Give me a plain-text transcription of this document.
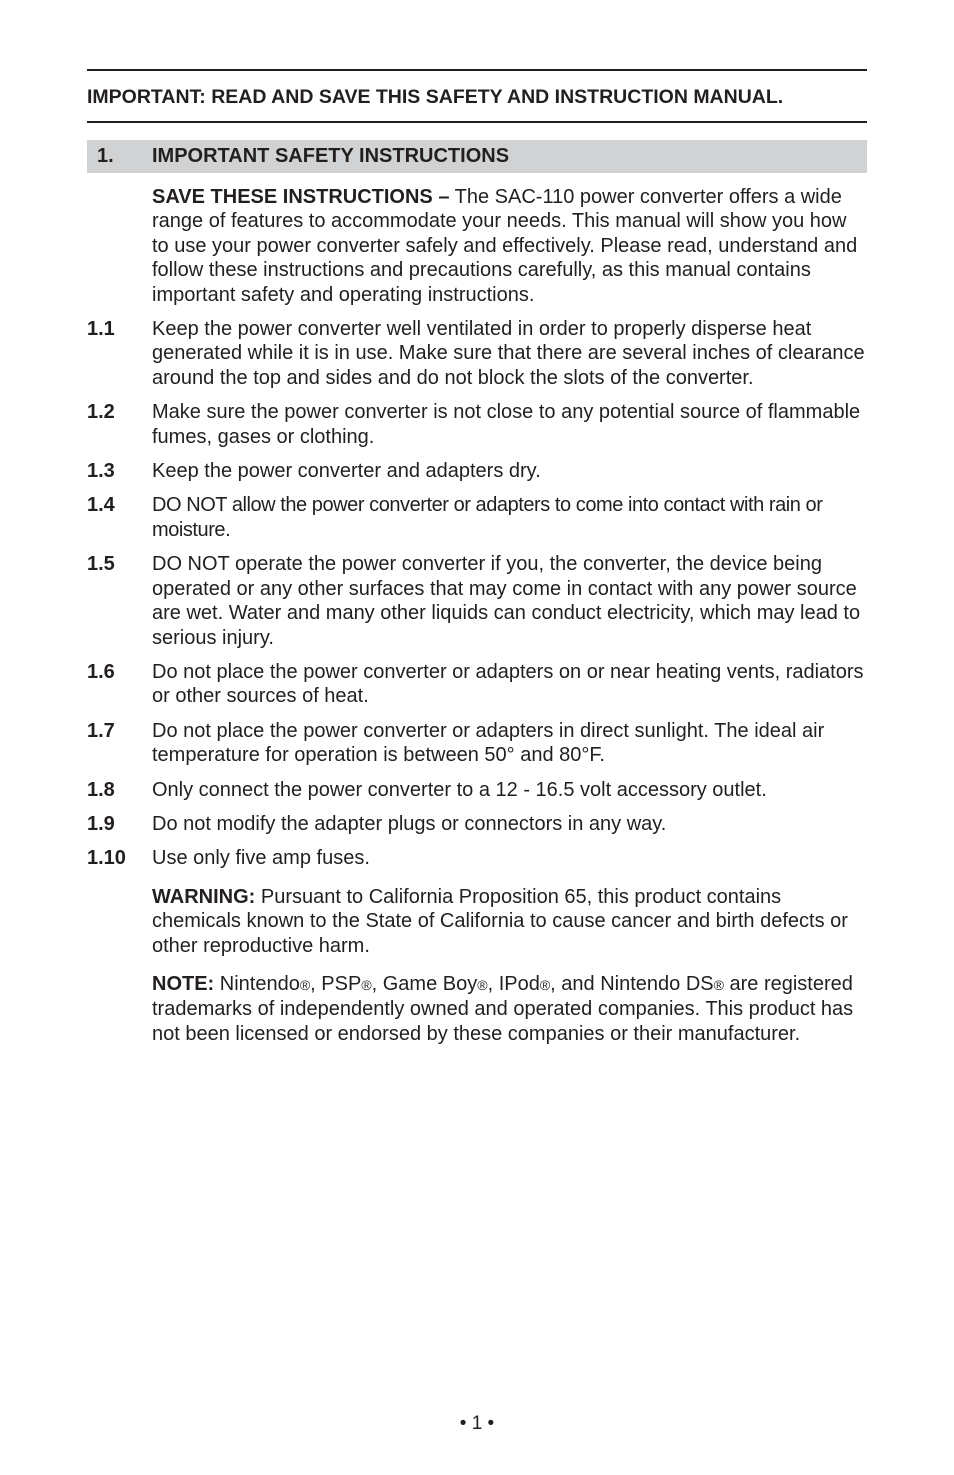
IMPORTANT: READ AND SAVE THIS SAFETY AND INSTRUCTION MANUAL.
1.	IMPORTANT SAFETY INSTRUCTIONS
SAVE THESE INSTRUCTIONS – The SAC-110 power converter offers a wide range of features to accommodate your needs. This manual will show you how to use your power converter safely and effectively. Please read, understand and follow these instructions and precautions carefully, as this manual contains important safety and operating instructions.
1.1	Keep the power converter well ventilated in order to properly disperse heat generated while it is in use. Make sure that there are several inches of clearance around the top and sides and do not block the slots of the converter.
1.2	Make sure the power converter is not close to any potential source of flammable fumes, gases or clothing.
1.3	Keep the power converter and adapters dry.
1.4	DO NOT allow the power converter or adapters to come into contact with rain or moisture.
1.5	DO NOT operate the power converter if you, the converter, the device being operated or any other surfaces that may come in contact with any power source are wet. Water and many other liquids can conduct electricity, which may lead to serious injury.
1.6	Do not place the power converter or adapters on or near heating vents, radiators or other sources of heat.
1.7	Do not place the power converter or adapters in direct sunlight. The ideal air temperature for operation is between 50° and 80°F.
1.8	Only connect the power converter to a 12 - 16.5 volt accessory outlet.
1.9	Do not modify the adapter plugs or connectors in any way.
1.10	Use only five amp fuses.
WARNING: Pursuant to California Proposition 65, this product contains chemicals known to the State of California to cause cancer and birth defects or other reproductive harm.
NOTE: Nintendo®, PSP®, Game Boy®, IPod®, and Nintendo DS® are registered trademarks of independently owned and operated companies. This product has not been licensed or endorsed by these companies or their manufacturer.
• 1 •
